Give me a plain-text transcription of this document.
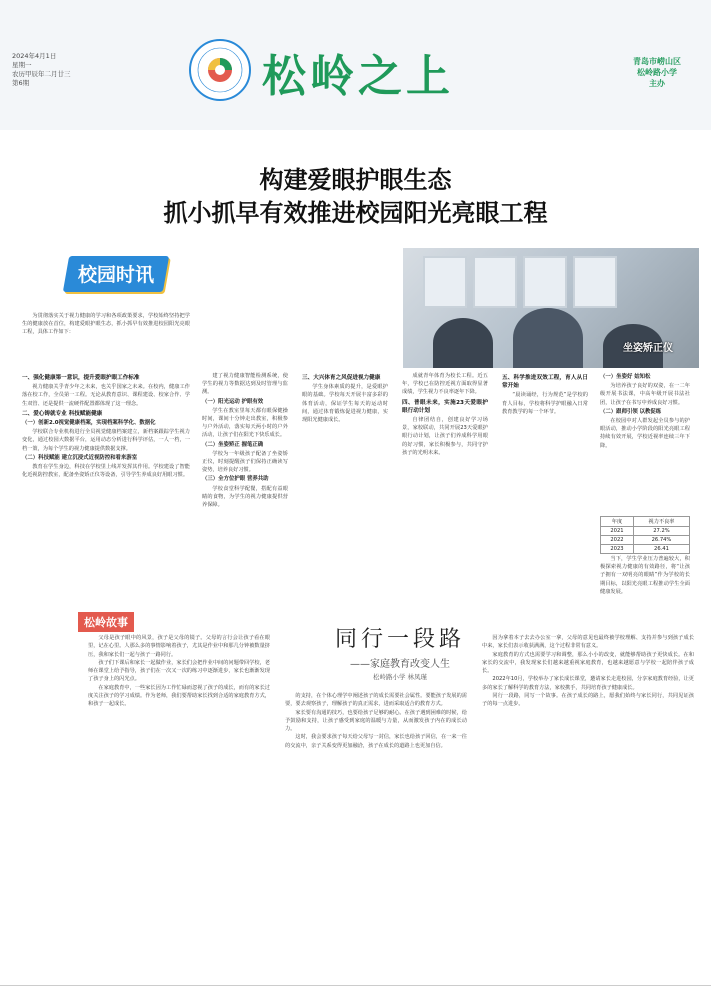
2024年4月1日
星期一
农历甲辰年二月廿三
第6期	松岭之上	青岛市崂山区
松岭路小学
主办
构建爱眼护眼生态
抓小抓早有效推进校园阳光亮眼工程
校园时讯
坐姿矫正仪

为贯彻落实关于视力健康的学习和各项政策要求，学校始终坚持把学生的健康放在首位，构建爱眼护眼生态，抓小抓早有效推进校园阳光亮眼工程，具体工作如下：

一、强化健康第一意识，提升爱眼护眼工作标准

视力健康关乎青少年之未来，也关乎国家之未来。在校内，健康工作落在校工作，全员第一工程。无论从教育意识、课程建设、校家合作、学生双管、还是提供一流硬件配置都体现了这一理念。

二、爱心铸就专业 科技赋能健康
（一）创新2.0视觉健康档案，实现档案科学化、数据化

学校联合专业机构进行全员视觉健康档案建立，新档案跟踪学生视力变化，通过校园大数据平台，运用动态分析进行科学评估，一人一档，一档一策，为每个学生的视力健康提供数据支撑。

（二）科技赋能 建立沉浸式近视防控和看来游室

教育在学生身边，科技在学校里上线并发挥其作用。学校建设了智能化近视防控教室，配备坐姿矫正仪等设备，引导学生养成良好用眼习惯。

建了视力健康智能检测系统，使学生的视力等数据达到及时管理与监测。

（一）阳光运动 护眼有效

学生在教室里每天都有眼保健操时间，课间十分钟走出教室，积极参与户外活动，落实每天两小时的户外活动，让孩子们在阳光下快乐成长。

（二）坐姿矫正 握笔正确

学校为一年级孩子配备了坐姿矫正仪，时刻提醒孩子们保持正确读写姿势，培养良好习惯。

（三）全方位护眼 营养共助

学校食堂科学配餐，搭配有益眼睛的食物，为学生的视力健康提供营养保障。

三、大兴体育之风促进视力健康

学生身体素质的提升，是爱眼护眼的基础。学校每天开展丰富多彩的体育活动，保证学生每天的运动时间，通过体育锻炼促进视力健康，实现阳光健康成长。

成就青年体育为校长工程。近五年，学校已在防控近视方面取得显著成绩，学生视力不良率逐年下降。

四、普眼未来，实施23天爱眼护眼行动计划

自律团结自，创建良好学习场景，家校联动，共同开展23天爱眼护眼行动计划，让孩子们养成科学用眼的好习惯，家长积极参与，共同守护孩子的光明未来。

五、科学推进双效工程，育人从日常开始

“晨读诵经，行为规范”是学校的育人目标，学校将科学护眼融入日常教育教学的每一个环节。

（一）坐姿好 姑知松

为培养孩子良好的双姿，在一二年级开展书法课，中高年级开展书法社团，让孩子在书写中养成良好习惯。

（二）跟师引领 以教促练

在校园中对人群发起全员参与的护眼活动，推动小学阶段的阳光亮眼工程持续有效开展，学校近视率连续三年下降。

年度	视力不良率
2021	27.2%
2022	26.74%
2023	26.41

当下，学生学业压力普遍较大，积极探索视力健康的有效路径，将“让孩子拥有一双明亮的眼睛”作为学校的长期目标，以阳光亮眼工程推动学生全面健康发展。

松岭故事
同行一段路
——家庭教育改变人生
松岭路小学 林凤瑾

父母是孩子眼中的风景，孩子是父母的镜子。父母的言行会让孩子看在眼里，记在心里。人那么多的事情影响着孩子，尤其是作业中和那几分钟被数量挤压，我和家长们一起与孩子一路同行。

孩子们下课后和家长一起做作业，家长们会把作业中间的问题带回学校，老师在课堂上给予指导，孩子们在一次又一次的练习中逐渐进步，家长也渐渐发现了孩子身上的闪光点。

在家庭教育中，一些家长因为工作忙碌而忽视了孩子的成长，而有的家长过度关注孩子的学习成绩。作为老师，我们要帮助家长找到合适的家庭教育方式，和孩子一起成长。

的支持，在个体心理学中阐述孩子的成长需要社会属性。要能孩子发展的需要，要去观察孩子，理解孩子的真正需求，进而采取适合的教育方式。

家长要有沟通的技巧，也要给孩子足够的耐心。在孩子遇到困难的时候，给予鼓励和支持，让孩子感受到家庭的温暖与力量，从而激发孩子内在的成长动力。

这时，我会要求孩子每天给父母写一封信，家长也给孩子回信，在一来一往的交流中，亲子关系变得更加融洽，孩子在成长的道路上也更加自信。

因为拿着本子去去办公室一拿，父母的意见也最终被学校理解、支持并参与到孩子成长中来，家长们表示收获满满，这个过程非常有意义。

家庭教育的方式也需要学习和调整，那么小小的改变，就能够帮助孩子更快成长。在和家长的交流中，我发现家长们越来越重视家庭教育，也越来越愿意与学校一起陪伴孩子成长。

2022年10月，学校举办了家长成长课堂，邀请家长走进校园，分享家庭教育经验，让更多的家长了解科学的教育方法，家校携手，共同培育孩子健康成长。

同行一段路，同写一个故事。在孩子成长的路上，愿我们始终与家长同行，共同见证孩子的每一点进步。
